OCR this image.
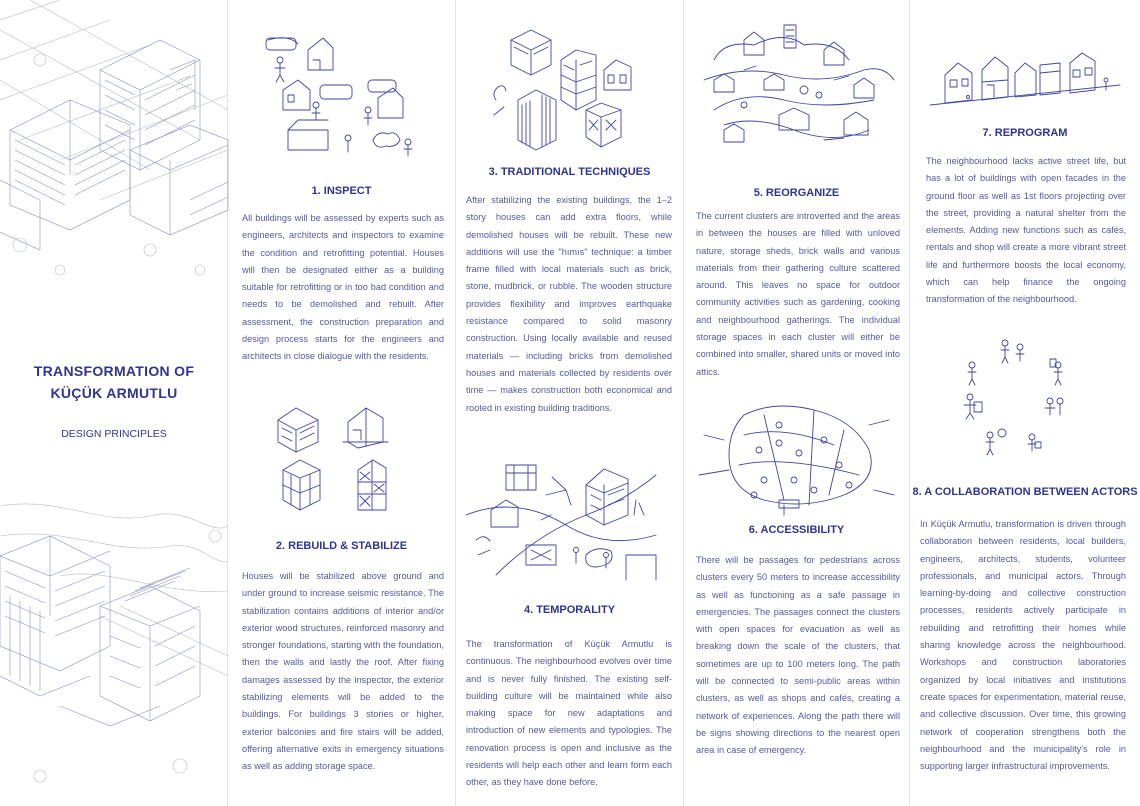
TRANSFORMATION OF
KÜÇÜK ARMUTLU
DESIGN PRINCIPLES
1. INSPECT
All buildings will be assessed by experts such as engineers, architects and inspectors to examine the condition and retrofitting potential. Houses will then be designated either as a building suitable for retrofitting or in too bad condition and needs to be demolished and rebuilt. After assessment, the construction preparation and design process starts for the engineers and architects in close dialogue with the residents.
2. REBUILD & STABILIZE
Houses will be stabilized above ground and under ground to increase seismic resistance. The stabilization contains additions of interior and/or exterior wood structures, reinforced masonry and stronger foundations, starting with the foundation, then the walls and lastly the roof. After fixing damages assessed by the inspector, the exterior stabilizing elements will be added to the buildings. For buildings 3 stories or higher, exterior balconies and fire stairs will be added, offering alternative exits in emergency situations as well as adding storage space.
3. TRADITIONAL TECHNIQUES
After stabilizing the existing buildings, the 1–2 story houses can add extra floors, while demolished houses will be rebuilt. These new additions will use the "hımıs" technique: a timber frame filled with local materials such as brick, stone, mudbrick, or rubble. The wooden structure provides flexibility and improves earthquake resistance compared to solid masonry construction. Using locally available and reused materials — including bricks from demolished houses and materials collected by residents over time — makes construction both economical and rooted in existing building traditions.
4. TEMPORALITY
The transformation of Küçük Armutlu is continuous. The neighbourhood evolves over time and is never fully finished. The existing self-building culture will be maintained while also making space for new adaptations and introduction of new elements and typologies. The renovation process is open and inclusive as the residents will help each other and learn form each other, as they have done before.
5. REORGANIZE
The current clusters are introverted and the areas in between the houses are filled with unloved nature, storage sheds, brick walls and various materials from their gathering culture scattered around. This leaves no space for outdoor community activities such as gardening, cooking and neighbourhood gatherings. The individual storage spaces in each cluster will either be combined into smaller, shared units or moved into attics.
6. ACCESSIBILITY
There will be passages for pedestrians across clusters every 50 meters to increase accessibility as well as functioning as a safe passage in emergencies. The passages connect the clusters with open spaces for evacuation as well as breaking down the scale of the clusters, that sometimes are up to 100 meters long. The path will be connected to semi-public areas within clusters, as well as shops and cafés, creating a network of experiences. Along the path there will be signs showing directions to the nearest open area in case of emergency.
7. REPROGRAM
The neighbourhood lacks active street life, but has a lot of buildings with open facades in the ground floor as well as 1st floors projecting over the street, providing a natural shelter from the elements. Adding new functions such as cafés, rentals and shop will create a more vibrant street life and furthermore boosts the local economy, which can help finance the ongoing transformation of the neighbourhood.
8. A COLLABORATION BETWEEN ACTORS
In Küçük Armutlu, transformation is driven through collaboration between residents, local builders, engineers, architects, students, volunteer professionals, and municipal actors. Through learning-by-doing and collective construction processes, residents actively participate in rebuilding and retrofitting their homes while sharing knowledge across the neighbourhood. Workshops and construction laboratories organized by local initiatives and institutions create spaces for experimentation, material reuse, and collective discussion. Over time, this growing network of cooperation strengthens both the neighbourhood and the municipality's role in supporting larger infrastructural improvements.
